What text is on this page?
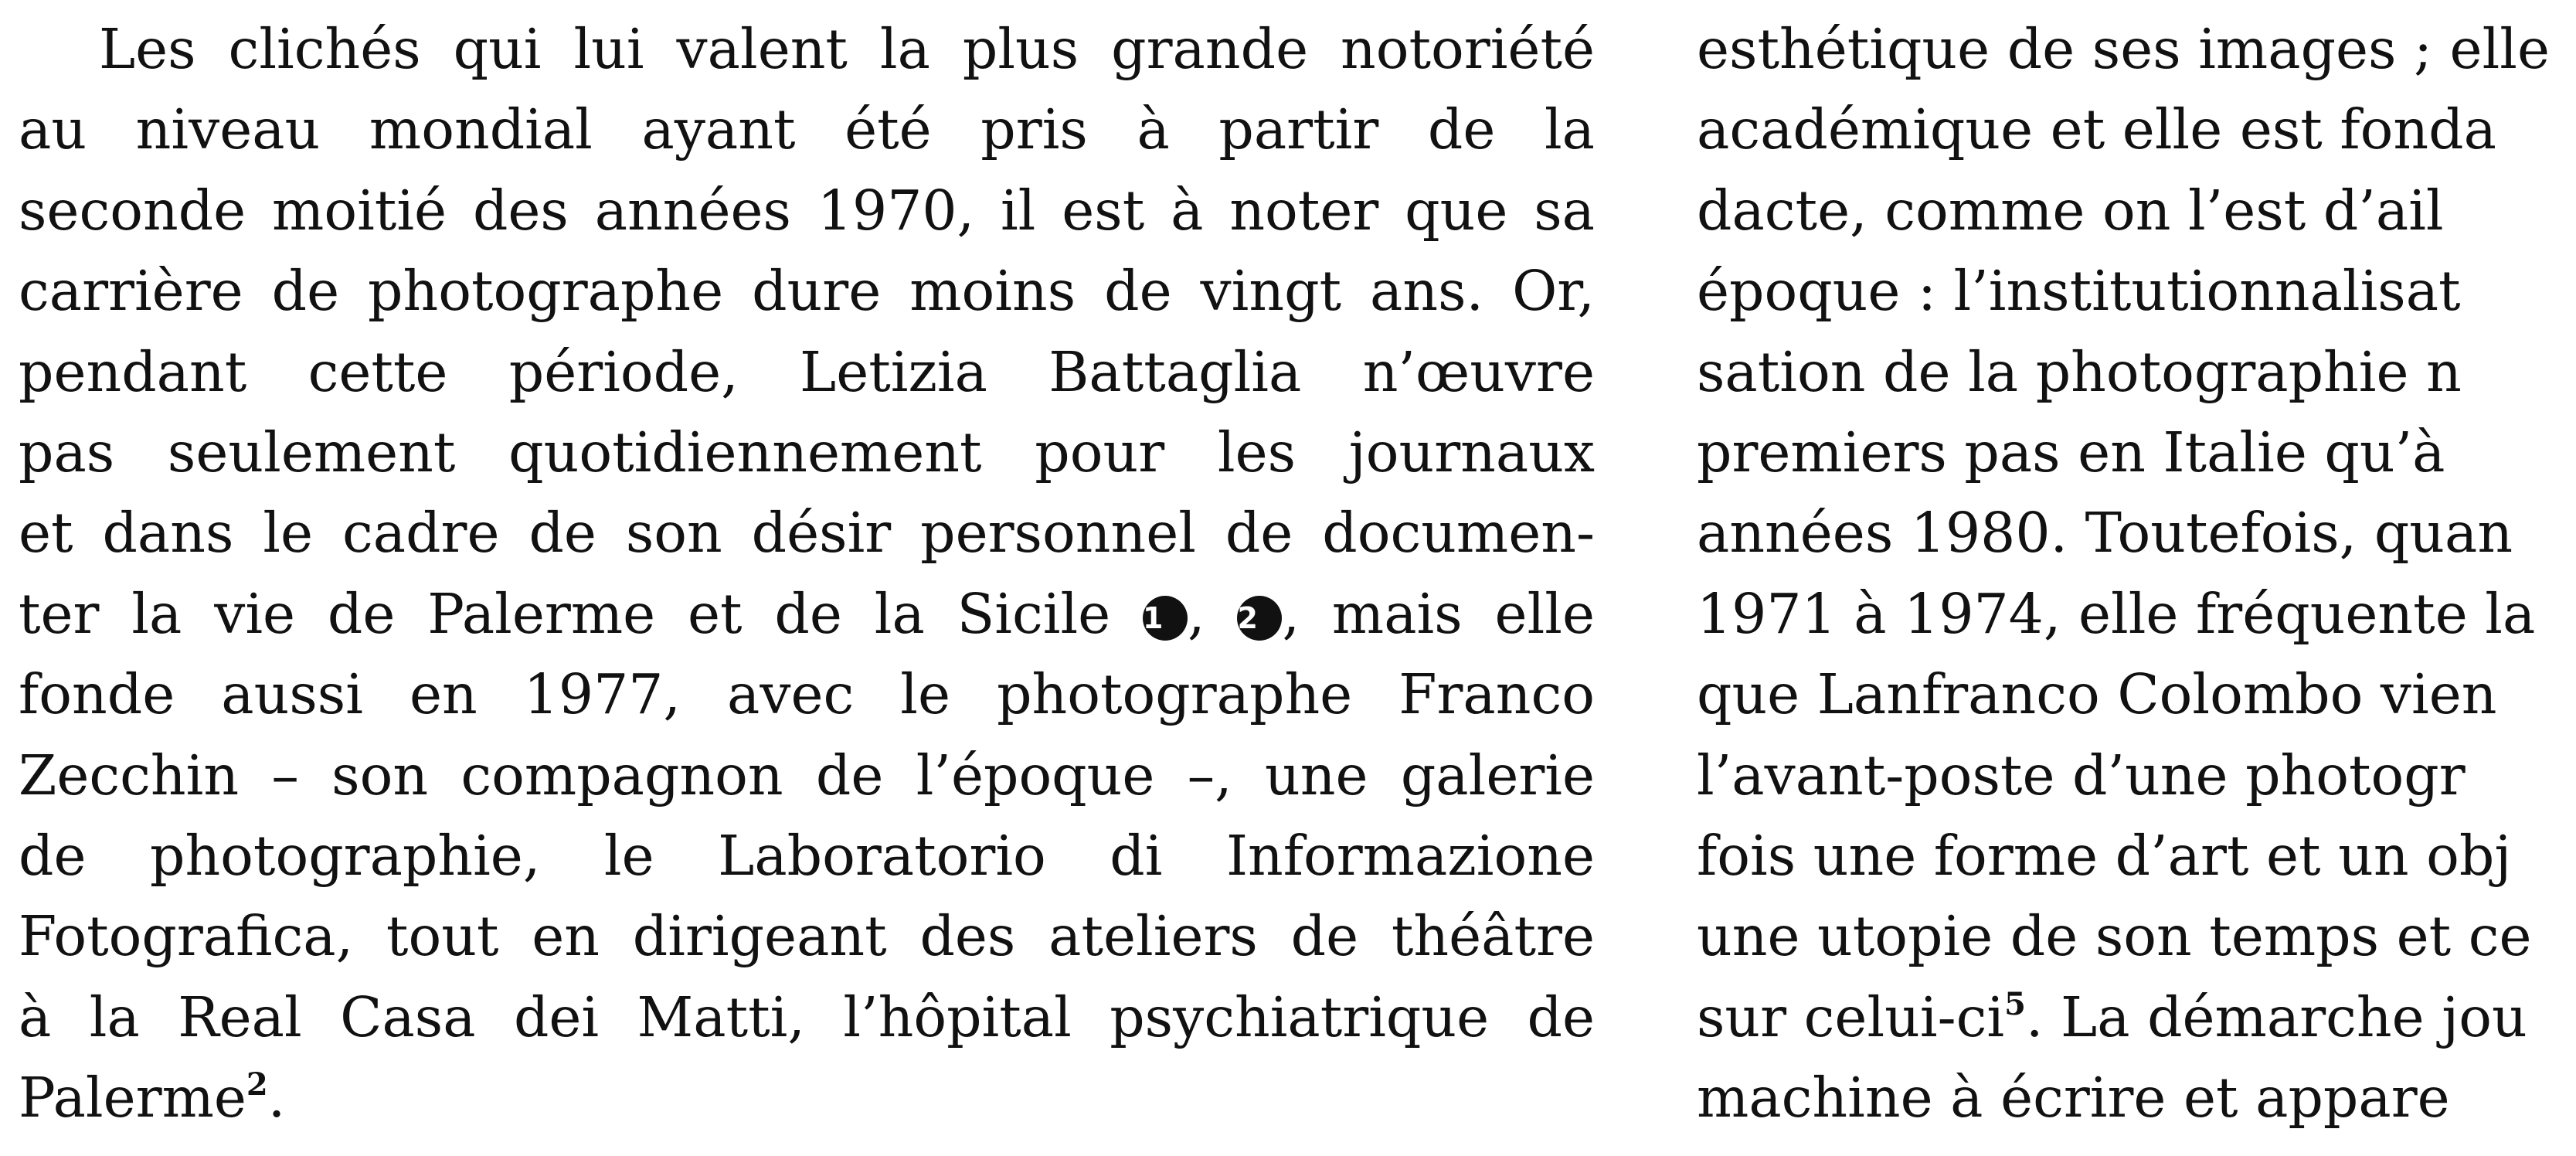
Les clichés qui lui valent la plus grande notoriété
au niveau mondial ayant été pris à partir de la
seconde moitié des années 1970, il est à noter que sa
carrière de photographe dure moins de vingt ans. Or,
pendant cette période, Letizia Battaglia n’œuvre
pas seulement quotidiennement pour les journaux
et dans le cadre de son désir personnel de documen-
ter la vie de Palerme et de la Sicile 1 , 2 , mais elle
fonde aussi en 1977, avec le photographe Franco
Zecchin – son compagnon de l’époque –, une galerie
de photographie, le Laboratorio di Informazione
Fotografica, tout en dirigeant des ateliers de théâtre
à la Real Casa dei Matti, l’hôpital psychiatrique de
Palerme$^2$.
esthétique de ses images ; elle
académique et elle est fonda
dacte, comme on l’est d’ail
époque : l’institutionnalisat
sation de la photographie n
premiers pas en Italie qu’à
années 1980. Toutefois, quan
1971 à 1974, elle fréquente la
que Lanfranco Colombo vien
l’avant-poste d’une photogr
fois une forme d’art et un obj
une utopie de son temps et ce
sur celui-$ci^5$. La démarche jou
machine à écrire et appare
